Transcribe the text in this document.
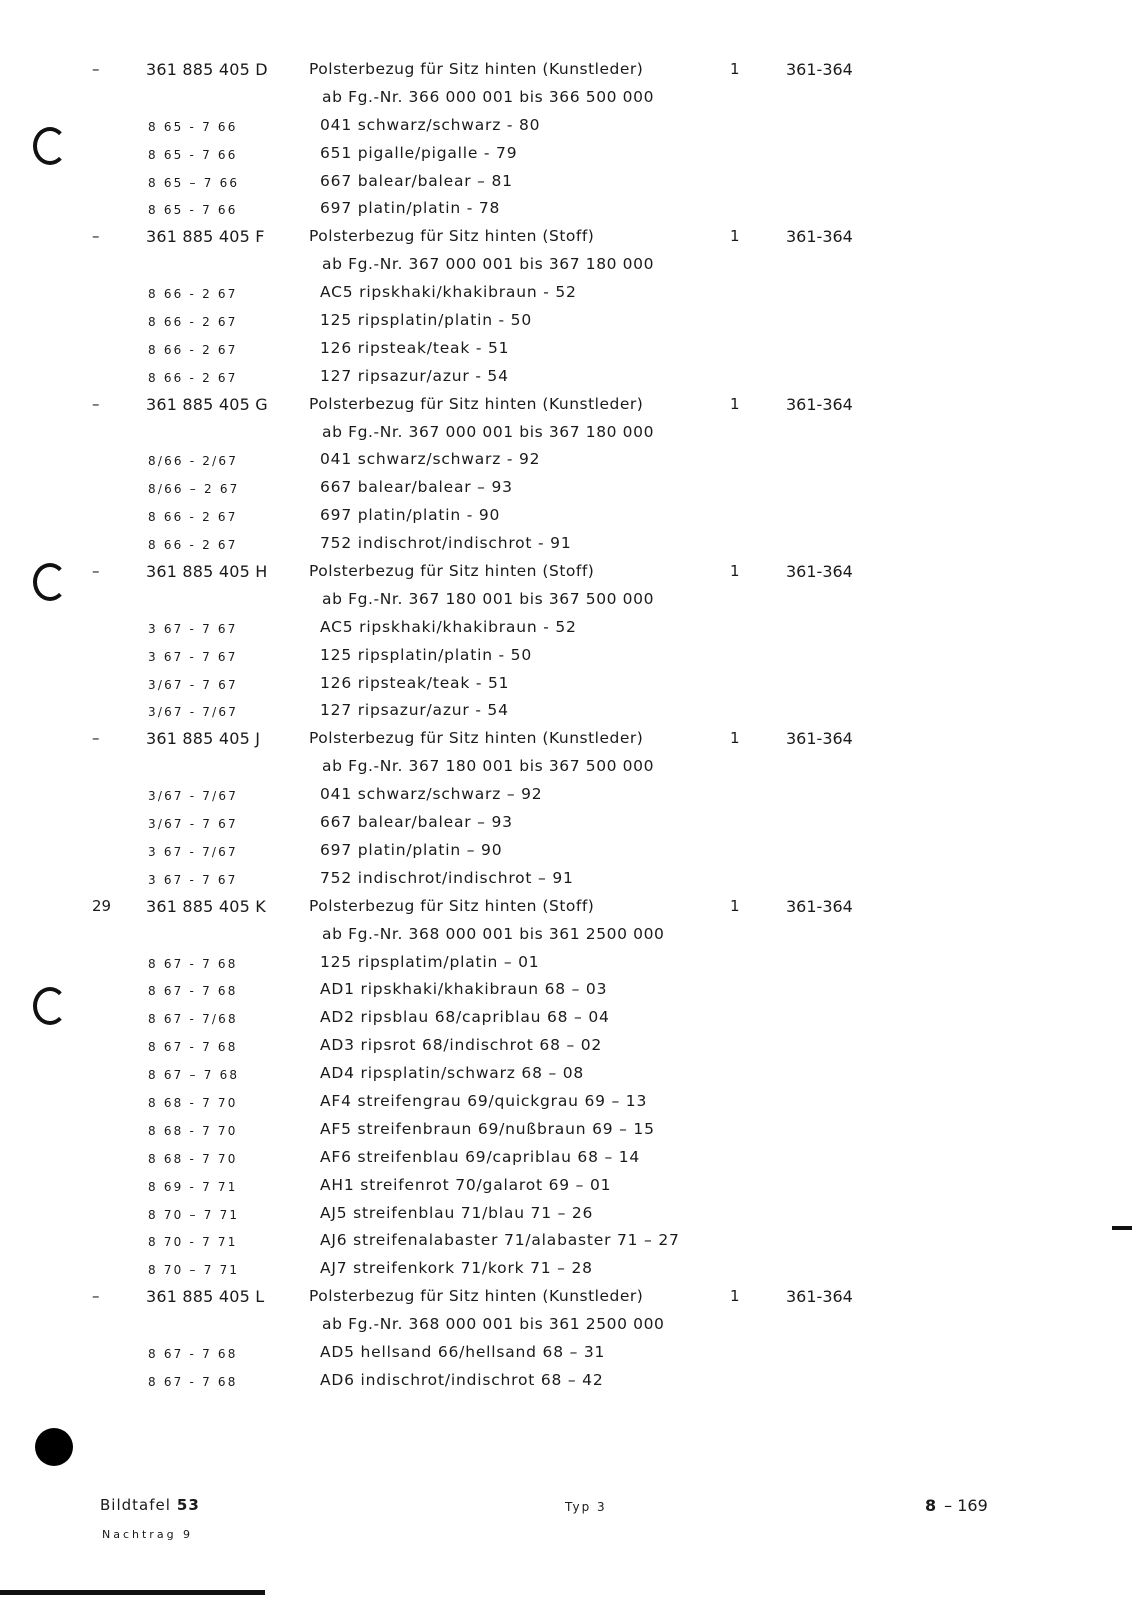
–	361 885 405 D	Polsterbezug für Sitz hinten (Kunstleder)	1	361-364
ab Fg.-Nr. 366 000 001 bis 366 500 000
8 65 - 7 66	041 schwarz/schwarz - 80
8 65 - 7 66	651 pigalle/pigalle - 79
8 65 – 7 66	667 balear/balear – 81
8 65 - 7 66	697 platin/platin - 78
–	361 885 405 F	Polsterbezug für Sitz hinten (Stoff)	1	361-364
ab Fg.-Nr. 367 000 001 bis 367 180 000
8 66 - 2 67	AC5 ripskhaki/khakibraun - 52
8 66 - 2 67	125 ripsplatin/platin - 50
8 66 - 2 67	126 ripsteak/teak - 51
8 66 - 2 67	127 ripsazur/azur - 54
–	361 885 405 G	Polsterbezug für Sitz hinten (Kunstleder)	1	361-364
ab Fg.-Nr. 367 000 001 bis 367 180 000
8/66 - 2/67	041 schwarz/schwarz - 92
8/66 – 2 67	667 balear/balear – 93
8 66 - 2 67	697 platin/platin - 90
8 66 - 2 67	752 indischrot/indischrot - 91
–	361 885 405 H	Polsterbezug für Sitz hinten (Stoff)	1	361-364
ab Fg.-Nr. 367 180 001 bis 367 500 000
3 67 - 7 67	AC5 ripskhaki/khakibraun - 52
3 67 - 7 67	125 ripsplatin/platin - 50
3/67 - 7 67	126 ripsteak/teak - 51
3/67 - 7/67	127 ripsazur/azur - 54
–	361 885 405 J	Polsterbezug für Sitz hinten (Kunstleder)	1	361-364
ab Fg.-Nr. 367 180 001 bis 367 500 000
3/67 - 7/67	041 schwarz/schwarz – 92
3/67 - 7 67	667 balear/balear – 93
3 67 - 7/67	697 platin/platin – 90
3 67 - 7 67	752 indischrot/indischrot – 91
29 361 885 405 K	Polsterbezug für Sitz hinten (Stoff)	1	361-364
ab Fg.-Nr. 368 000 001 bis 361 2500 000
8 67 - 7 68	125 ripsplatim/platin – 01
8 67 - 7 68	AD1 ripskhaki/khakibraun 68 – 03
8 67 - 7/68	AD2 ripsblau 68/capriblau 68 – 04
8 67 - 7 68	AD3 ripsrot 68/indischrot 68 – 02
8 67 – 7 68	AD4 ripsplatin/schwarz 68 – 08
8 68 - 7 70	AF4 streifengrau 69/quickgrau 69 – 13
8 68 - 7 70	AF5 streifenbraun 69/nußbraun 69 – 15
8 68 - 7 70	AF6 streifenblau 69/capriblau 68 – 14
8 69 - 7 71	AH1 streifenrot 70/galarot 69 – 01
8 70 – 7 71	AJ5 streifenblau 71/blau 71 – 26
8 70 - 7 71	AJ6 streifenalabaster 71/alabaster 71 – 27
8 70 – 7 71	AJ7 streifenkork 71/kork 71 – 28
–	361 885 405 L	Polsterbezug für Sitz hinten (Kunstleder)	1	361-364
ab Fg.-Nr. 368 000 001 bis 361 2500 000
8 67 - 7 68	AD5 hellsand 66/hellsand 68 – 31
8 67 - 7 68	AD6 indischrot/indischrot 68 – 42
Bildtafel 53
Nachtrag 9
Typ 3	8 – 169
